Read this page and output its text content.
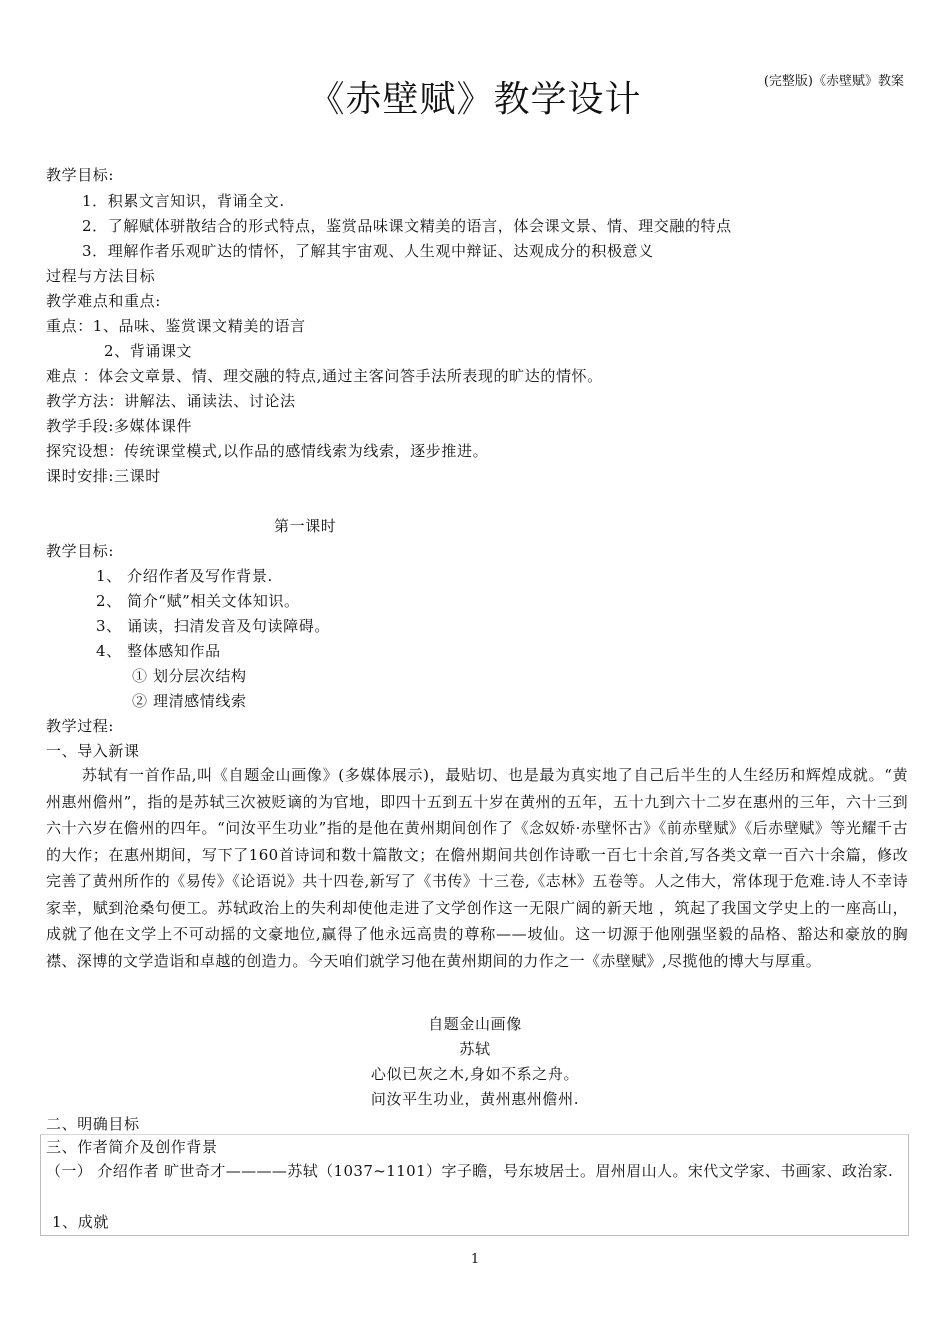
(完整版)《赤壁赋》教案
《赤壁赋》教学设计
教学目标:
1．积累文言知识，背诵全文.
2．了解赋体骈散结合的形式特点，鉴赏品味课文精美的语言，体会课文景、情、理交融的特点
3．理解作者乐观旷达的情怀，了解其宇宙观、人生观中辩证、达观成分的积极意义
过程与方法目标
教学难点和重点:
重点：1、品味、鉴赏课文精美的语言
2、背诵课文
难点 ：体会文章景、情、理交融的特点,通过主客问答手法所表现的旷达的情怀。
教学方法：讲解法、诵读法、讨论法
教学手段:多媒体课件
探究设想：传统课堂模式,以作品的感情线索为线索，逐步推进。
课时安排:三课时
第一课时
教学目标:
1、 介绍作者及写作背景.
2、 简介“赋”相关文体知识。
3、 诵读，扫清发音及句读障碍。
4、 整体感知作品
① 划分层次结构
② 理清感情线索
教学过程:
一、导入新课
苏轼有一首作品,叫《自题金山画像》(多媒体展示)，最贴切、也是最为真实地了自己后半生的人生经历和辉煌成就。“黄州惠州儋州”，指的是苏轼三次被贬谪的为官地，即四十五到五十岁在黄州的五年，五十九到六十二岁在惠州的三年，六十三到六十六岁在儋州的四年。“问汝平生功业”指的是他在黄州期间创作了《念奴娇·赤壁怀古》《前赤壁赋》《后赤壁赋》等光耀千古的大作；在惠州期间，写下了160首诗词和数十篇散文；在儋州期间共创作诗歌一百七十余首,写各类文章一百六十余篇，修改完善了黄州所作的《易传》《论语说》共十四卷,新写了《书传》十三卷,《志林》五卷等。人之伟大，常体现于危难.诗人不幸诗家幸，赋到沧桑句便工。苏轼政治上的失利却使他走进了文学创作这一无限广阔的新天地 ，筑起了我国文学史上的一座高山，成就了他在文学上不可动摇的文豪地位,赢得了他永远高贵的尊称——坡仙。这一切源于他刚强坚毅的品格、豁达和豪放的胸襟、深博的文学造诣和卓越的创造力。今天咱们就学习他在黄州期间的力作之一《赤壁赋》,尽揽他的博大与厚重。
自题金山画像
苏轼
心似已灰之木,身如不系之舟。
问汝平生功业，黄州惠州儋州.
二、明确目标
三、作者简介及创作背景
（一） 介绍作者 旷世奇才————苏轼（1037~1101）字子瞻，号东坡居士。眉州眉山人。宋代文学家、书画家、政治家.
1、成就
1
